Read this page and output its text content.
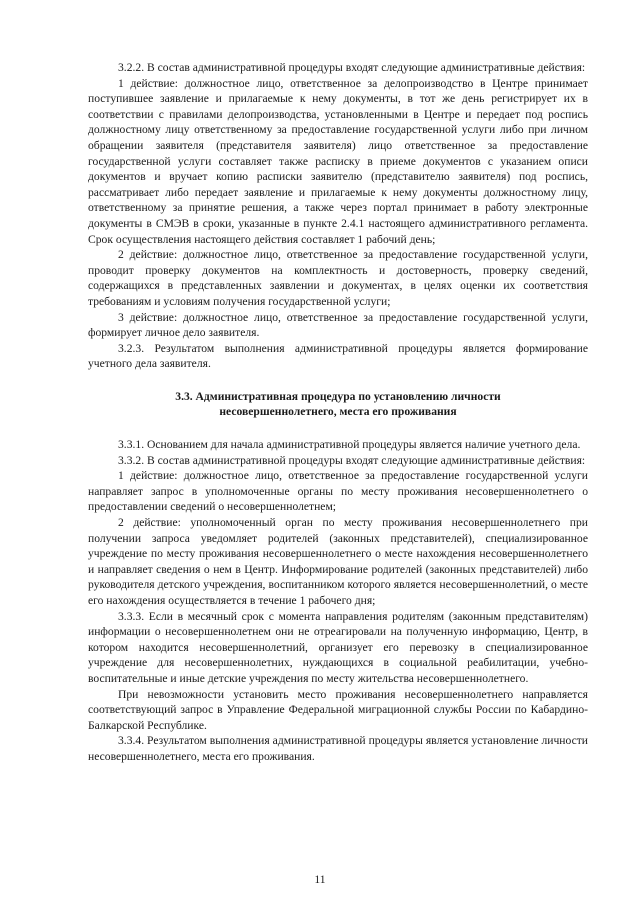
3.2.2. В состав административной процедуры входят следующие административные действия:

1 действие: должностное лицо, ответственное за делопроизводство в Центре принимает поступившее заявление и прилагаемые к нему документы, в тот же день регистрирует их в соответствии с правилами делопроизводства, установленными в Центре и передает под роспись должностному лицу ответственному за предоставление государственной услуги либо при личном обращении заявителя (представителя заявителя) лицо ответственное за предоставление государственной услуги составляет также расписку в приеме документов с указанием описи документов и вручает копию расписки заявителю (представителю заявителя) под роспись, рассматривает либо передает заявление и прилагаемые к нему документы должностному лицу, ответственному за принятие решения, а также через портал принимает в работу электронные документы в СМЭВ в сроки, указанные в пункте 2.4.1 настоящего административного регламента. Срок осуществления настоящего действия составляет 1 рабочий день;

2 действие: должностное лицо, ответственное за предоставление государственной услуги, проводит проверку документов на комплектность и достоверность, проверку сведений, содержащихся в представленных заявлении и документах, в целях оценки их соответствия требованиям и условиям получения государственной услуги;

3 действие: должностное лицо, ответственное за предоставление государственной услуги, формирует личное дело заявителя.

3.2.3. Результатом выполнения административной процедуры является формирование учетного дела заявителя.

3.3. Административная процедура по установлению личности
несовершеннолетнего, места его проживания

3.3.1. Основанием для начала административной процедуры является наличие учетного дела.

3.3.2. В состав административной процедуры входят следующие административные действия:

1 действие: должностное лицо, ответственное за предоставление государственной услуги направляет запрос в уполномоченные органы по месту проживания несовершеннолетнего о предоставлении сведений о несовершеннолетнем;

2 действие: уполномоченный орган по месту проживания несовершеннолетнего при получении запроса уведомляет родителей (законных представителей), специализированное учреждение по месту проживания несовершеннолетнего о месте нахождения несовершеннолетнего и направляет сведения о нем в Центр. Информирование родителей (законных представителей) либо руководителя детского учреждения, воспитанником которого является несовершеннолетний, о месте его нахождения осуществляется в течение 1 рабочего дня;

3.3.3. Если в месячный срок с момента направления родителям (законным представителям) информации о несовершеннолетнем они не отреагировали на полученную информацию, Центр, в котором находится несовершеннолетний, организует его перевозку в специализированное учреждение для несовершеннолетних, нуждающихся в социальной реабилитации, учебно-воспитательные и иные детские учреждения по месту жительства несовершеннолетнего.

При невозможности установить место проживания несовершеннолетнего направляется соответствующий запрос в Управление Федеральной миграционной службы России по Кабардино-Балкарской Республике.

3.3.4. Результатом выполнения административной процедуры является установление личности несовершеннолетнего, места его проживания.

11
